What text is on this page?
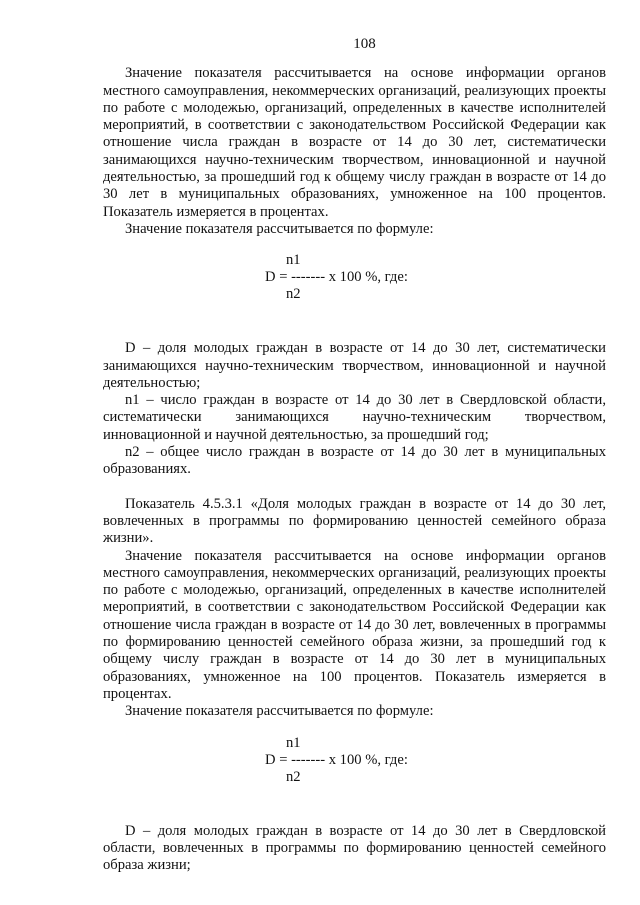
108

Значение показателя рассчитывается на основе информации органов местного самоуправления, некоммерческих организаций, реализующих проекты по работе с молодежью, организаций, определенных в качестве исполнителей мероприятий, в соответствии с законодательством Российской Федерации как отношение числа граждан в возрасте от 14 до 30 лет, систематически занимающихся научно-техническим творчеством, инновационной и научной деятельностью, за прошедший год к общему числу граждан в возрасте от 14 до 30 лет в муниципальных образованиях, умноженное на 100 процентов. Показатель измеряется в процентах.

Значение показателя рассчитывается по формуле:

n1
D = ------- x 100 %, где:
n2

D – доля молодых граждан в возрасте от 14 до 30 лет, систематически занимающихся научно-техническим творчеством, инновационной и научной деятельностью;

n1 – число граждан в возрасте от 14 до 30 лет в Свердловской области, систематически занимающихся научно-техническим творчеством, инновационной и научной деятельностью, за прошедший год;

n2 – общее число граждан в возрасте от 14 до 30 лет в муниципальных образованиях.

Показатель 4.5.3.1 «Доля молодых граждан в возрасте от 14 до 30 лет, вовлеченных в программы по формированию ценностей семейного образа жизни».

Значение показателя рассчитывается на основе информации органов местного самоуправления, некоммерческих организаций, реализующих проекты по работе с молодежью, организаций, определенных в качестве исполнителей мероприятий, в соответствии с законодательством Российской Федерации как отношение числа граждан в возрасте от 14 до 30 лет, вовлеченных в программы по формированию ценностей семейного образа жизни, за прошедший год к общему числу граждан в возрасте от 14 до 30 лет в муниципальных образованиях, умноженное на 100 процентов. Показатель измеряется в процентах.

Значение показателя рассчитывается по формуле:

n1
D = ------- x 100 %, где:
n2

D – доля молодых граждан в возрасте от 14 до 30 лет в Свердловской области, вовлеченных в программы по формированию ценностей семейного образа жизни;
